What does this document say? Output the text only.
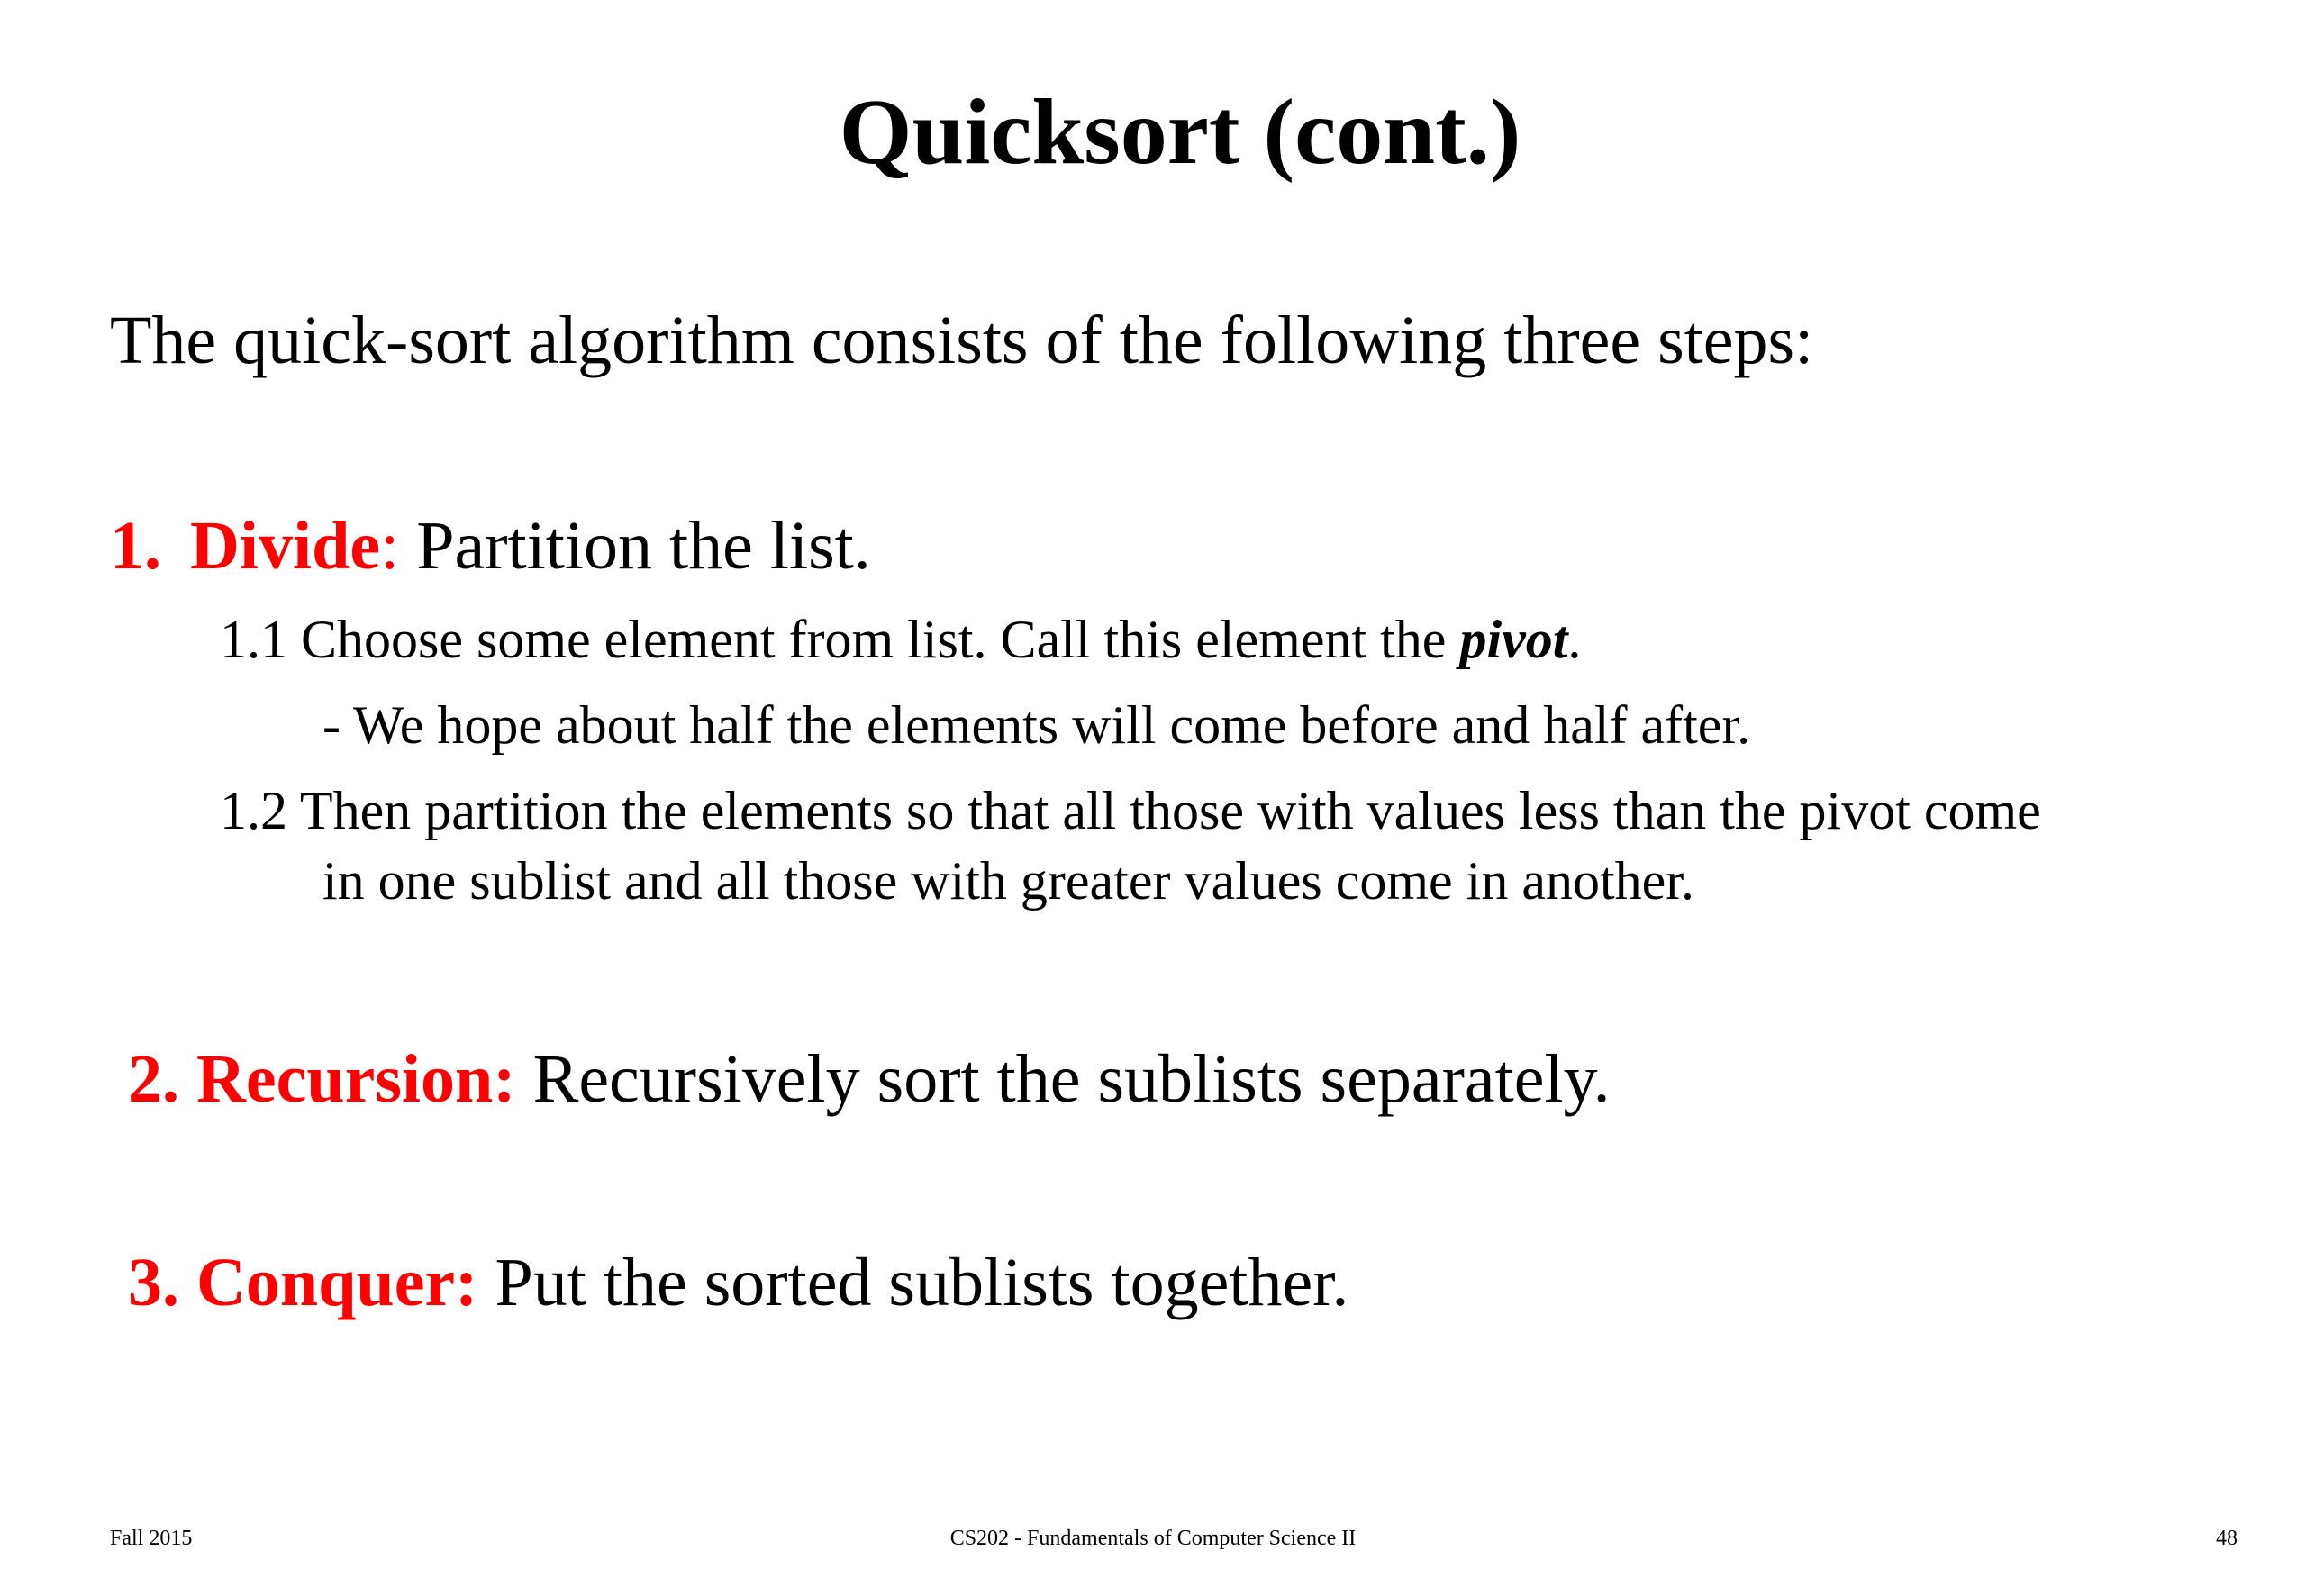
Quicksort (cont.)
The quick-sort algorithm consists of the following three steps:
1. Divide: Partition the list.
1.1 Choose some element from list. Call this element the pivot.
- We hope about half the elements will come before and half after.
1.2 Then partition the elements so that all those with values less than the pivot come
in one sublist and all those with greater values come in another.
2. Recursion: Recursively sort the sublists separately.
3. Conquer: Put the sorted sublists together.
Fall 2015	CS202 - Fundamentals of Computer Science II	48
